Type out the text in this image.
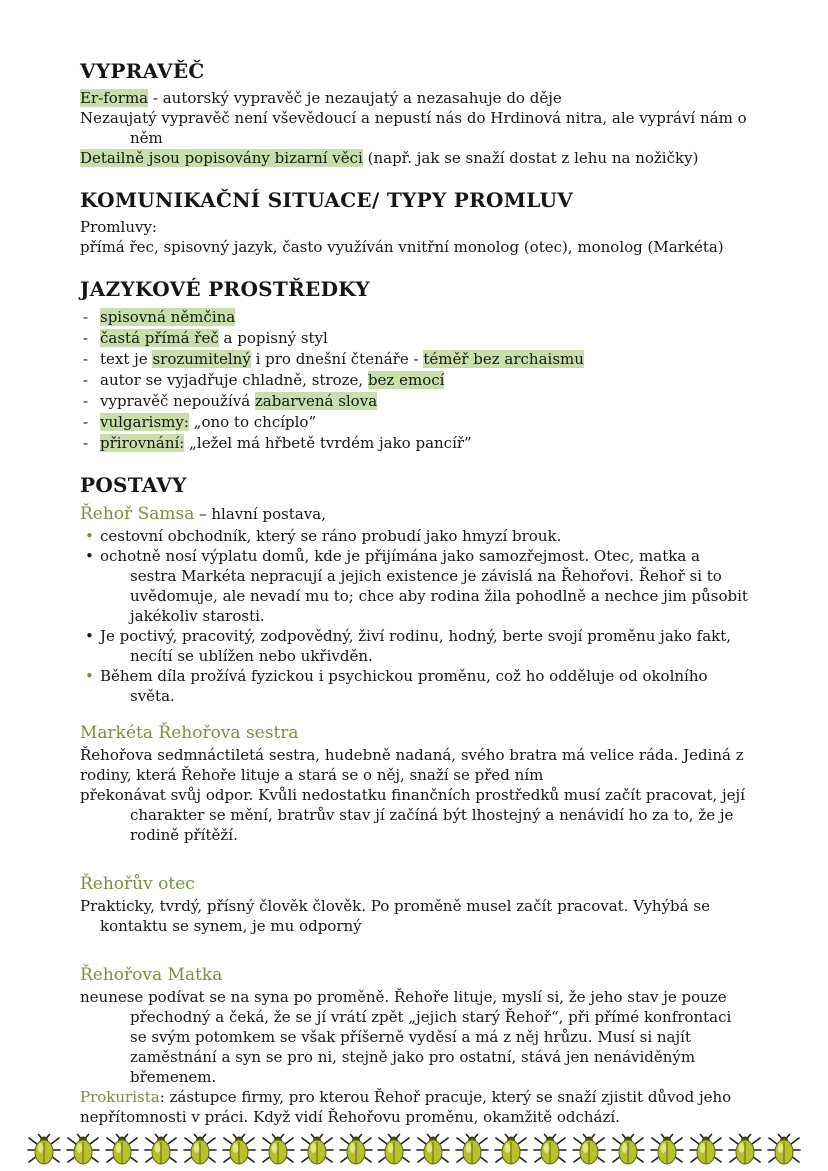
VYPRAVĚČ

Er-forma - autorský vypravěč je nezaujatý a nezasahuje do děje

Nezaujatý vypravěč není vševědoucí a nepustí nás do Hrdinová nitra, ale vypráví nám o něm

Detailně jsou popisovány bizarní věci (např. jak se snaží dostat z lehu na nožičky)

KOMUNIKAČNÍ SITUACE/ TYPY PROMLUV

Promluvy:

přímá řec, spisovný jazyk, často využíván vnitřní monolog (otec), monolog (Markéta)

JAZYKOVÉ PROSTŘEDKY
- spisovná němčina
- častá přímá řeč a popisný styl
- text je srozumitelný i pro dnešní čtenáře - téměř bez archaismu
- autor se vyjadřuje chladně, stroze, bez emocí
- vypravěč nepoužívá zabarvená slova
- vulgarismy: „ono to chcíplo”
- přirovnání: „ležel má hřbetě tvrdém jako pancíř”
POSTAVY

Řehoř Samsa – hlavní postava,

• cestovní obchodník, který se ráno probudí jako hmyzí brouk.
• ochotně nosí výplatu domů, kde je přijímána jako samozřejmost. Otec, matka a sestra Markéta nepracují a jejich existence je závislá na Řehořovi. Řehoř si to uvědomuje, ale nevadí mu to; chce aby rodina žila pohodlně a nechce jim působit jakékoliv starosti.
• Je poctivý, pracovitý, zodpovědný, živí rodinu, hodný, berte svojí proměnu jako fakt, necítí se ublížen nebo ukřivděn.
• Během díla prožívá fyzickou i psychickou proměnu, což ho odděluje od okolního světa.
Markéta Řehořova sestra

Řehořova sedmnáctiletá sestra, hudebně nadaná, svého bratra má velice ráda. Jediná z rodiny, která Řehoře lituje a stará se o něj, snaží se před ním

překonávat svůj odpor. Kvůli nedostatku finančních prostředků musí začít pracovat, její charakter se mění, bratrův stav jí začíná být lhostejný a nenávidí ho za to, že je rodině přítěží.

Řehořův otec

Prakticky, tvrdý, přísný člověk člověk. Po proměně musel začít pracovat. Vyhýbá se kontaktu se synem, je mu odporný

Řehořova Matka

neunese podívat se na syna po proměně. Řehoře lituje, myslí si, že jeho stav je pouze přechodný a čeká, že se jí vrátí zpět „jejich starý Řehoř“, při přímé konfrontaci se svým potomkem se však příšerně vyděsí a má z něj hrůzu. Musí si najít zaměstnání a syn se pro ni, stejně jako pro ostatní, stává jen nenáviděným břemenem.

Prokurista: zástupce firmy, pro kterou Řehoř pracuje, který se snaží zjistit důvod jeho nepřítomnosti v práci. Když vidí Řehořovu proměnu, okamžitě odchází.
